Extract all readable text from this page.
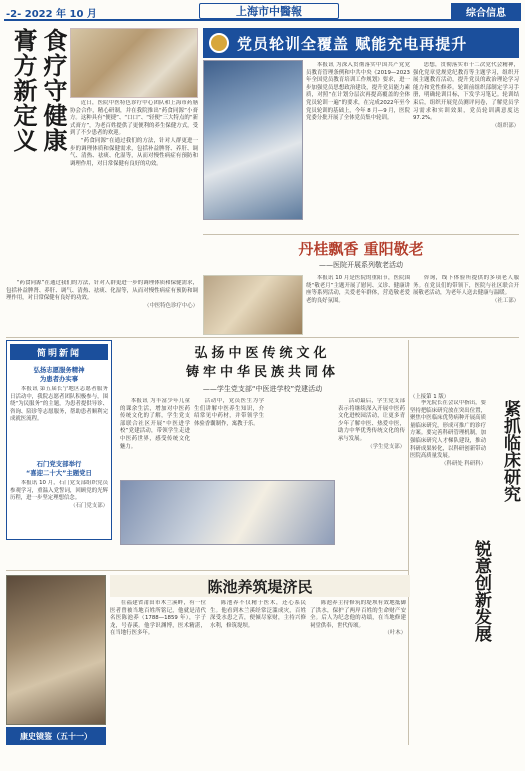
-2- 2022 年 10 月	上海市中醫報	综合信息
膏方新定义 食疗守健康	近日，医院中医特色诊疗中心团队和上海市药膳协会合作，精心研制，并在我院推出“药食同源”小膏方。这种具有“便捷”、“口口”、“轻便”三大特点的“新式膏方”，为老百姓提供了更便利的养生保健方式，受到了不少患者的欢迎。

“药食同源”在通过我们的方法，针对人群更进一步的调理体质和保健需求，包括补益脾肾、养肝、调气、清热、祛痰、化湿等，从而对慢性病症有预防和调理作用，对日常保健有良好的功效。

“药食同源”在通过我们的方法，针对人群更进一步的调理体质和保健需求，包括补益脾肾、养肝、调气、清热、祛痰、化湿等，从而对慢性病症有预防和调理作用，对日常保健有良好的功效。

（中医特色诊疗中心）
党员轮训全覆盖 赋能充电再提升

本报讯 为深入贯彻落实中国共产党党员教育管理条例和中共中央《2019—2023年全国党员教育培训工作规划》要求，进一步加强党员思想政治建设，提升党员能力素质，对照“在计划分层次再提高覆盖的全体党员轮训一遍”的要求，在完成2022年至今党员轮训的基础上，今年 8 月—9 月，医院党委分批开展了全体党员集中轮训。

思想，贯彻落实市十二次党代会精神，强化党章党规党纪教育等主题学习，组织开展主题教育活动，提升党员的政治理论学习能力和党性修养。轮训前组织部制定学习手册，明确轮训目标，下发学习笔记。轮训结束后，组织开展党员测评问卷，了解党员学习需求和实训效果，党员轮训满意度达 97.2%。

（组织部）
丹桂飘香 重阳敬老
——医院开展系列敬老活动

本报讯 10 月是医院的重阳节，医院围绕“敬老月”主题开展了慰问、义诊、健康讲座等系列活动，关爱老年群体，营造敬老爱老的良好氛围。

咨询，线下体验所提供的多项老人服务。在党员们的带领下，医院与社区联合开展敬老活动，为老年人送去健康与温暖。

（社工部）
简明新闻
弘扬志愿服务精神
为患者办实事

本报讯 第五届长宁地区志愿者服务日活动中，我院志愿者团队积极参与，围绕“为民服务”的主题，为患者提供导诊、咨询、陪诊等志愿服务，帮助患者顺利完成就医流程。

石门党支部举行
“喜迎二十大”主题党日

本报讯 10 月，石门党支部组织党员参观学习，重温入党誓词，回顾党的光辉历程，进一步坚定理想信念。

（石门党支部）
弘扬中医传统文化
铸牢中华民族共同体
——学生党支部“中医进学校”党建活动

本报讯 为丰富少年儿童的课余生活，增加对中医药传统文化的了解，学生党支部联合社区开展“中医进学校”党建活动，带领学生走进中医药世界，感受传统文化魅力。

活动中，党员医生为学生们讲解中医养生知识，介绍常见中药材，并带领学生体验香囊制作，寓教于乐。

活动最后，学生党支部表示将继续深入开展中医药文化进校园活动，让更多青少年了解中医、热爱中医，助力中华优秀传统文化的传承与发展。

（学生党支部）
（上接第 1 版）

季光院长在会议中指出，要坚持把临床研究放在突出位置，聚焦中医临床优势病种开展高质量临床研究，形成可推广的诊疗方案。要完善科研管理机制，加强临床研究人才梯队建设，推动科研成果转化，以科研创新带动医院高质量发展。

（科研处 科研科） 紧抓临床研究
锐意创新发展
康史镜鉴（五十一）
陈池养筑堤济民

在福建省莆田市木兰溪畔，有一位医者曾被当地百姓所铭记，他就是清代名医陈池养（1788—1859 年），字子龙，号春溪。他学识渊博，医术精湛，在当地行医多年。

陈池养不仅精于医术，还心系民生。他看到木兰溪经常泛滥成灾，百姓深受水患之苦，便倾尽家财，主持兴修水利，修筑堤坝。

陈池养主持修筑的堤坝有效地抵御了洪水，保护了两岸百姓的生命财产安全。后人为纪念他的功绩，在当地修建祠堂供奉，世代传颂。

（叶木）
